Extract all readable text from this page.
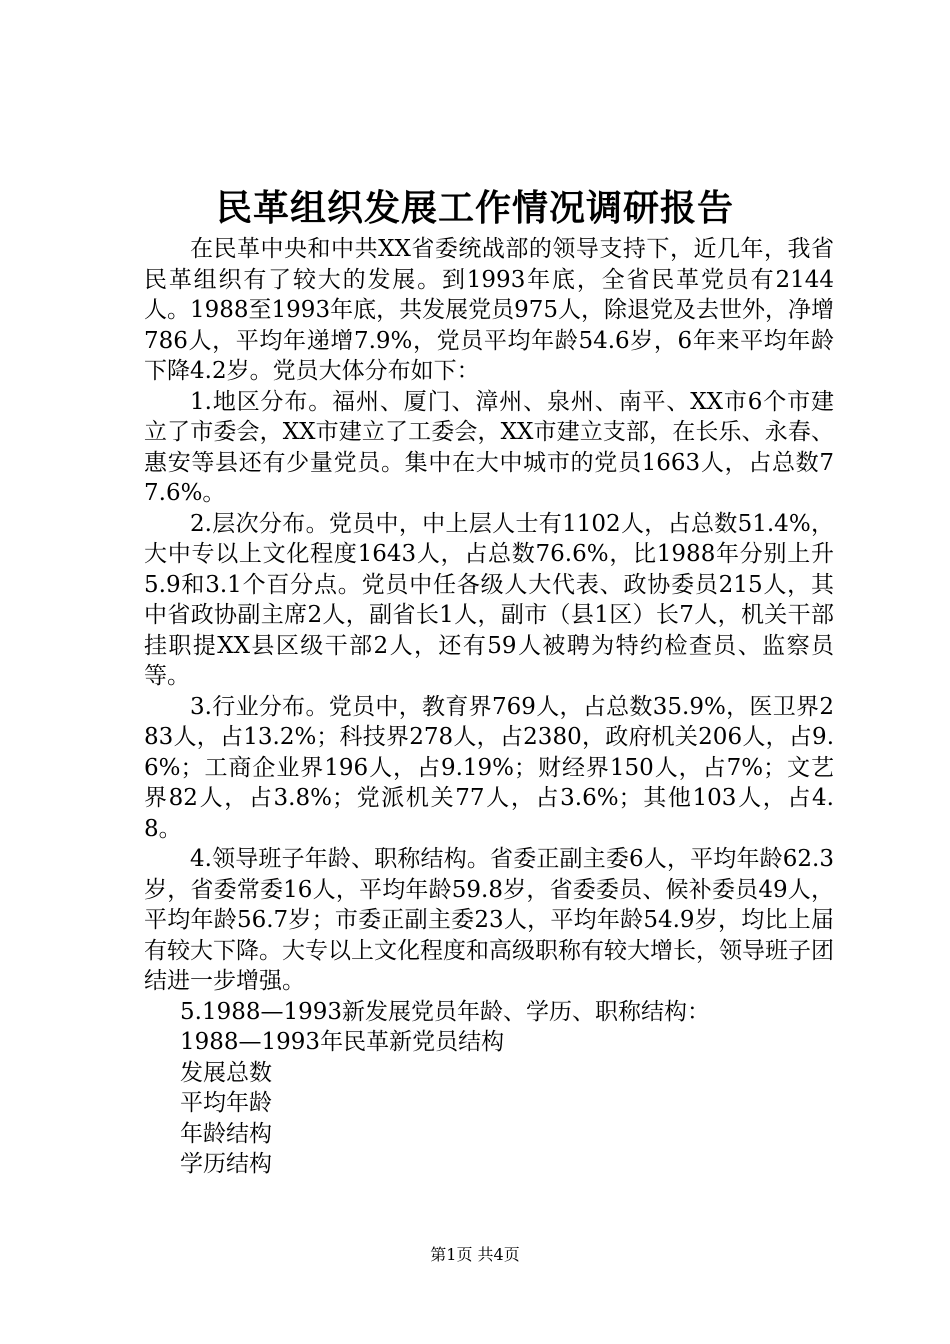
民革组织发展工作情况调研报告

在民革中央和中共XX省委统战部的领导支持下，近几年，我省民革组织有了较大的发展。到1993年底，全省民革党员有2144人。1988至1993年底，共发展党员975人，除退党及去世外，净增786人，平均年递增7.9%，党员平均年龄54.6岁，6年来平均年龄下降4.2岁。党员大体分布如下：

1.地区分布。福州、厦门、漳州、泉州、南平、XX市6个市建立了市委会，XX市建立了工委会，XX市建立支部，在长乐、永春、惠安等县还有少量党员。集中在大中城市的党员1663人，占总数77.6%。

2.层次分布。党员中，中上层人士有1102人，占总数51.4%，大中专以上文化程度1643人，占总数76.6%，比1988年分别上升5.9和3.1个百分点。党员中任各级人大代表、政协委员215人，其中省政协副主席2人，副省长1人，副市（县1区）长7人，机关干部挂职提XX县区级干部2人，还有59人被聘为特约检查员、监察员等。

3.行业分布。党员中，教育界769人，占总数35.9%，医卫界283人，占13.2%；科技界278人，占2380，政府机关206人，占9.6%；工商企业界196人，占9.19%；财经界150人，占7%；文艺界82人，占3.8%；党派机关77人，占3.6%；其他103人，占4.8。

4.领导班子年龄、职称结构。省委正副主委6人，平均年龄62.3岁，省委常委16人，平均年龄59.8岁，省委委员、候补委员49人，平均年龄56.7岁；市委正副主委23人，平均年龄54.9岁，均比上届有较大下降。大专以上文化程度和高级职称有较大增长，领导班子团结进一步增强。

5.1988—1993新发展党员年龄、学历、职称结构：

1988—1993年民革新党员结构

发展总数

平均年龄

年龄结构

学历结构

第1页 共4页
